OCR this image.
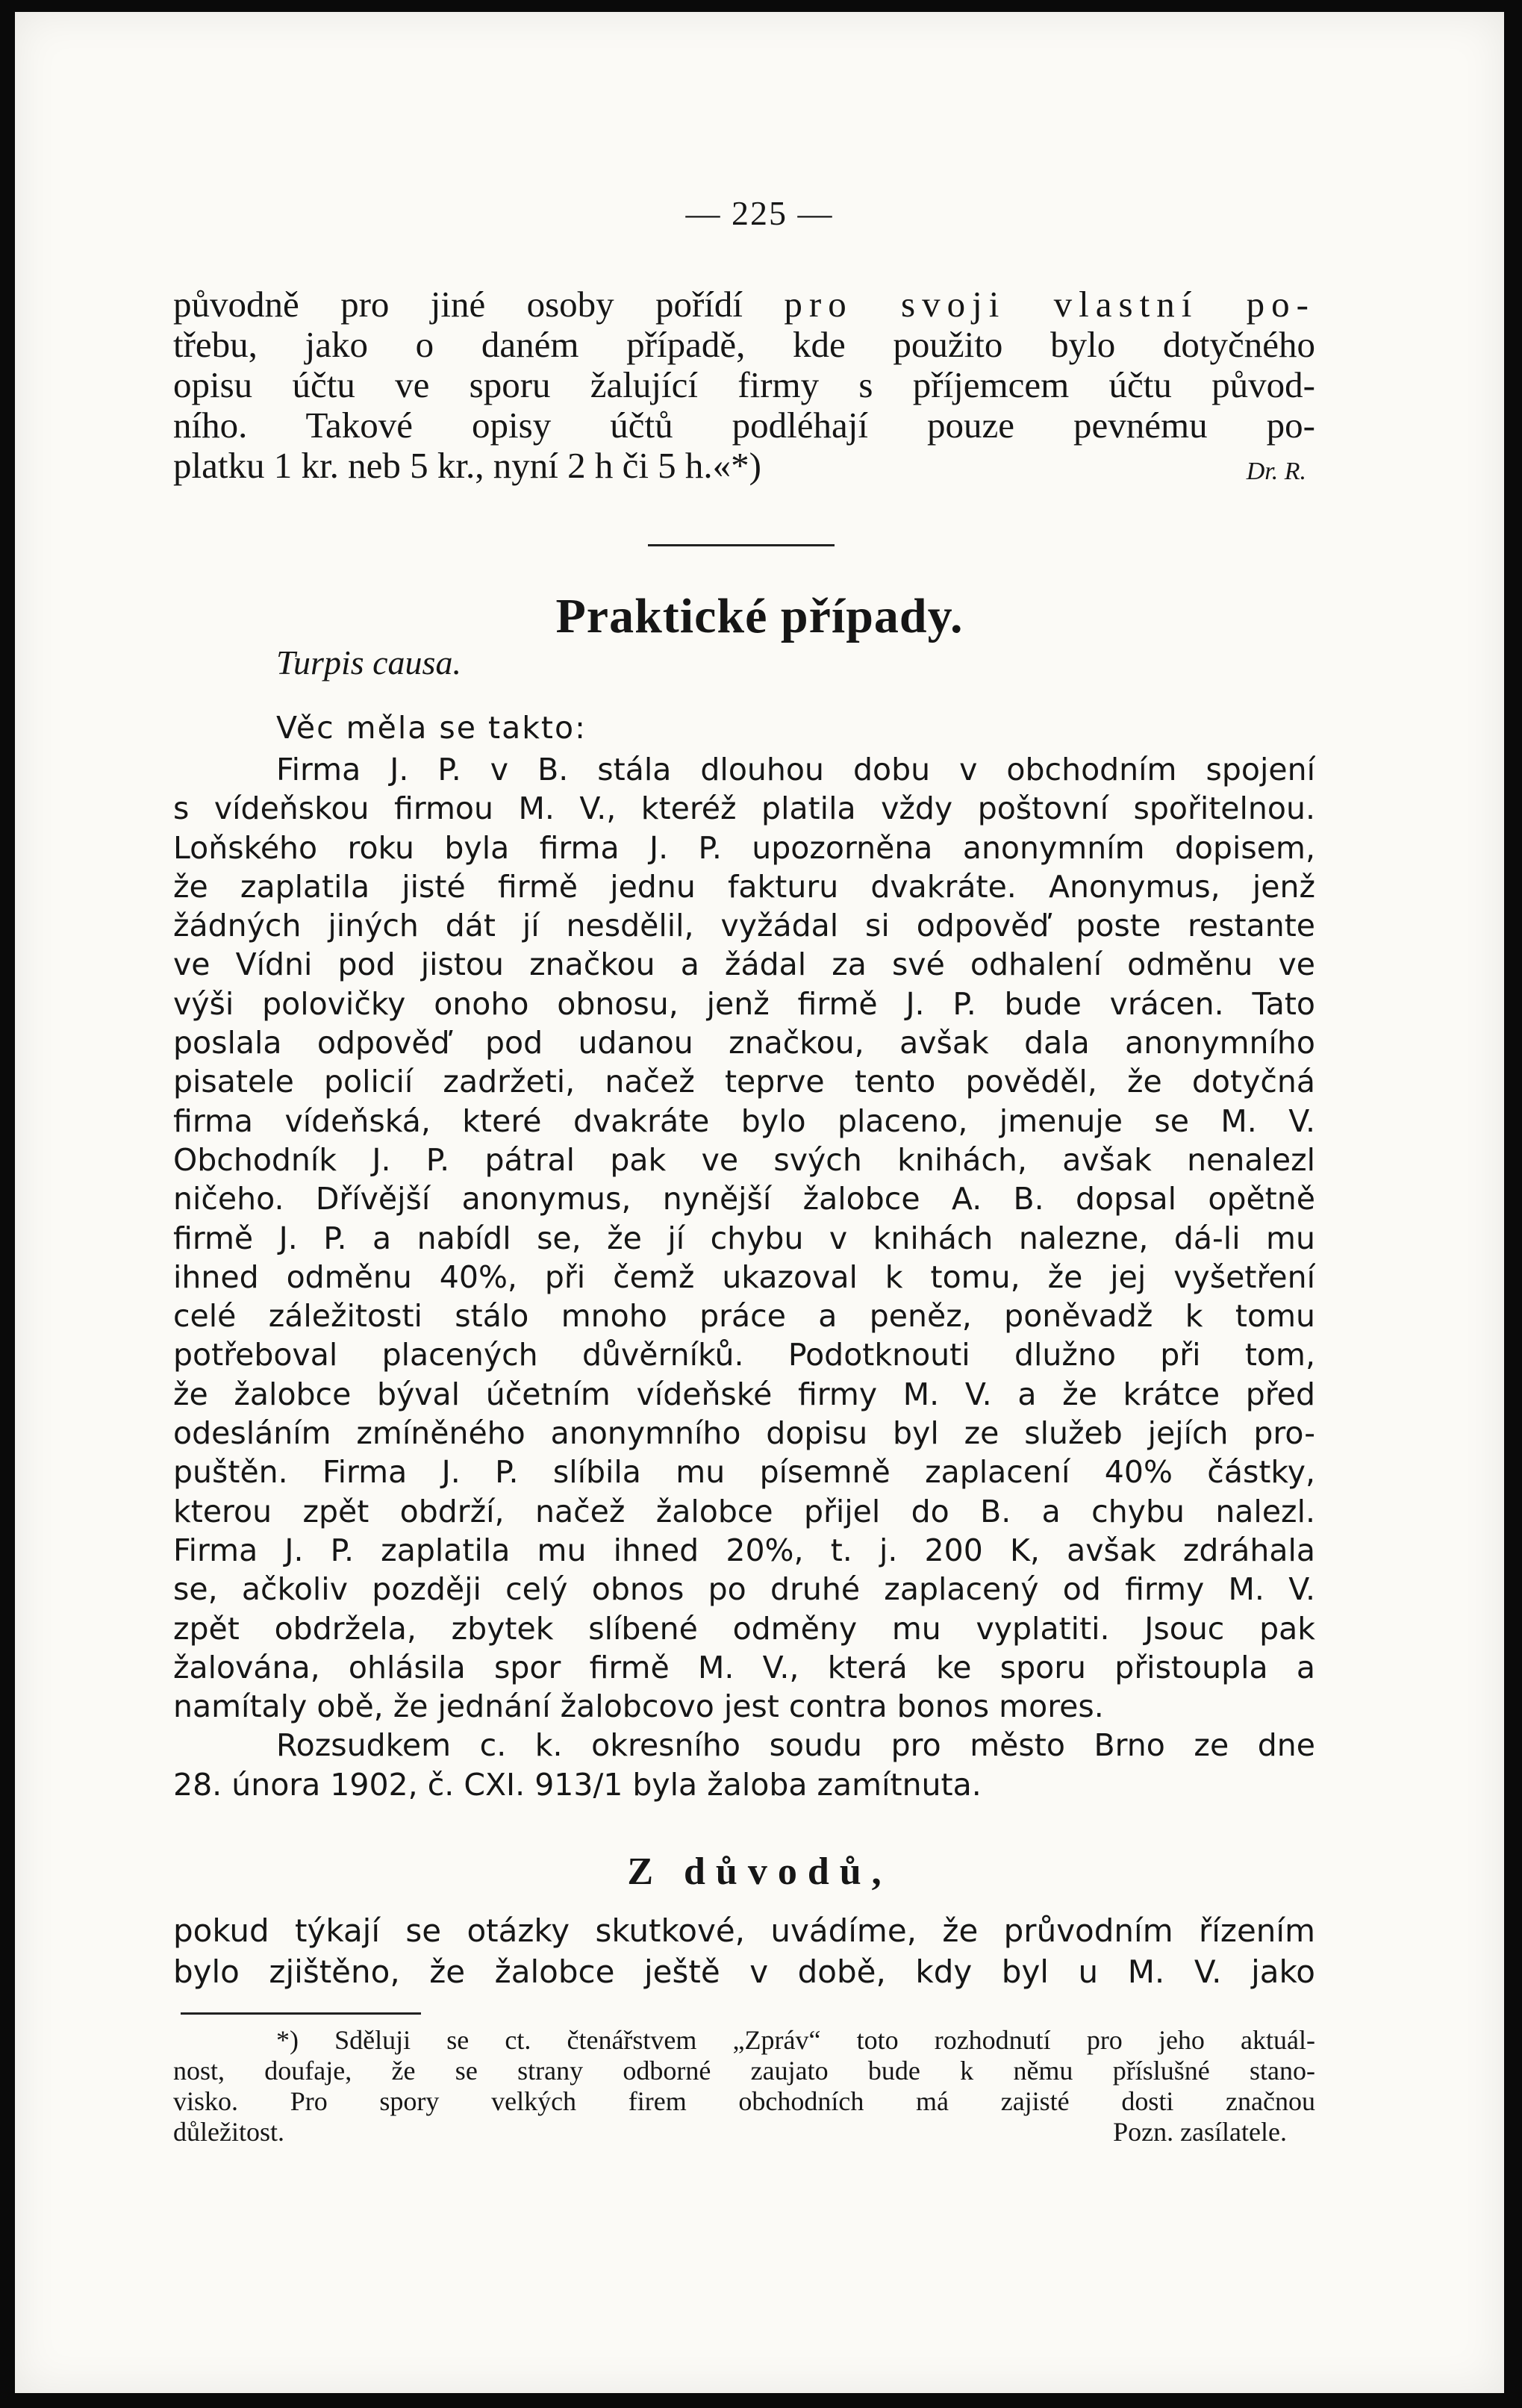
— 225 —
původně pro jiné osoby pořídí pro svoji vlastní po-
třebu, jako o daném případě, kde použito bylo dotyčného
opisu účtu ve sporu žalující firmy s příjemcem účtu původ-
ního. Takové opisy účtů podléhají pouze pevnému po-
platku 1 kr. neb 5 kr., nyní 2 h či 5 h.«*)	Dr. R.
Praktické případy.
Turpis causa.
Věc měla se takto:
Firma J. P. v B. stála dlouhou dobu v obchodním spojení
s vídeňskou firmou M. V., kteréž platila vždy poštovní spořitelnou.
Loňského roku byla firma J. P. upozorněna anonymním dopisem,
že zaplatila jisté firmě jednu fakturu dvakráte. Anonymus, jenž
žádných jiných dát jí nesdělil, vyžádal si odpověď poste restante
ve Vídni pod jistou značkou a žádal za své odhalení odměnu ve
výši polovičky onoho obnosu, jenž firmě J. P. bude vrácen. Tato
poslala odpověď pod udanou značkou, avšak dala anonymního
pisatele policií zadržeti, načež teprve tento pověděl, že dotyčná
firma vídeňská, které dvakráte bylo placeno, jmenuje se M. V.
Obchodník J. P. pátral pak ve svých knihách, avšak nenalezl
ničeho. Dřívější anonymus, nynější žalobce A. B. dopsal opětně
firmě J. P. a nabídl se, že jí chybu v knihách nalezne, dá-li mu
ihned odměnu 40%, při čemž ukazoval k tomu, že jej vyšetření
celé záležitosti stálo mnoho práce a peněz, poněvadž k tomu
potřeboval placených důvěrníků. Podotknouti dlužno při tom,
že žalobce býval účetním vídeňské firmy M. V. a že krátce před
odesláním zmíněného anonymního dopisu byl ze služeb jejích pro-
puštěn. Firma J. P. slíbila mu písemně zaplacení 40% částky,
kterou zpět obdrží, načež žalobce přijel do B. a chybu nalezl.
Firma J. P. zaplatila mu ihned 20%, t. j. 200 K, avšak zdráhala
se, ačkoliv později celý obnos po druhé zaplacený od firmy M. V.
zpět obdržela, zbytek slíbené odměny mu vyplatiti. Jsouc pak
žalována, ohlásila spor firmě M. V., která ke sporu přistoupla a
namítaly obě, že jednání žalobcovo jest contra bonos mores.
Rozsudkem c. k. okresního soudu pro město Brno ze dne
28. února 1902, č. CXI. 913/1 byla žaloba zamítnuta.
Z důvodů,
pokud týkají se otázky skutkové, uvádíme, že průvodním řízením
bylo zjištěno, že žalobce ještě v době, kdy byl u M. V. jako
*) Sděluji se ct. čtenářstvem „Zpráv“ toto rozhodnutí pro jeho aktuál-
nost, doufaje, že se strany odborné zaujato bude k němu příslušné stano-
visko. Pro spory velkých firem obchodních má zajisté dosti značnou
důležitost.	Pozn. zasílatele.
